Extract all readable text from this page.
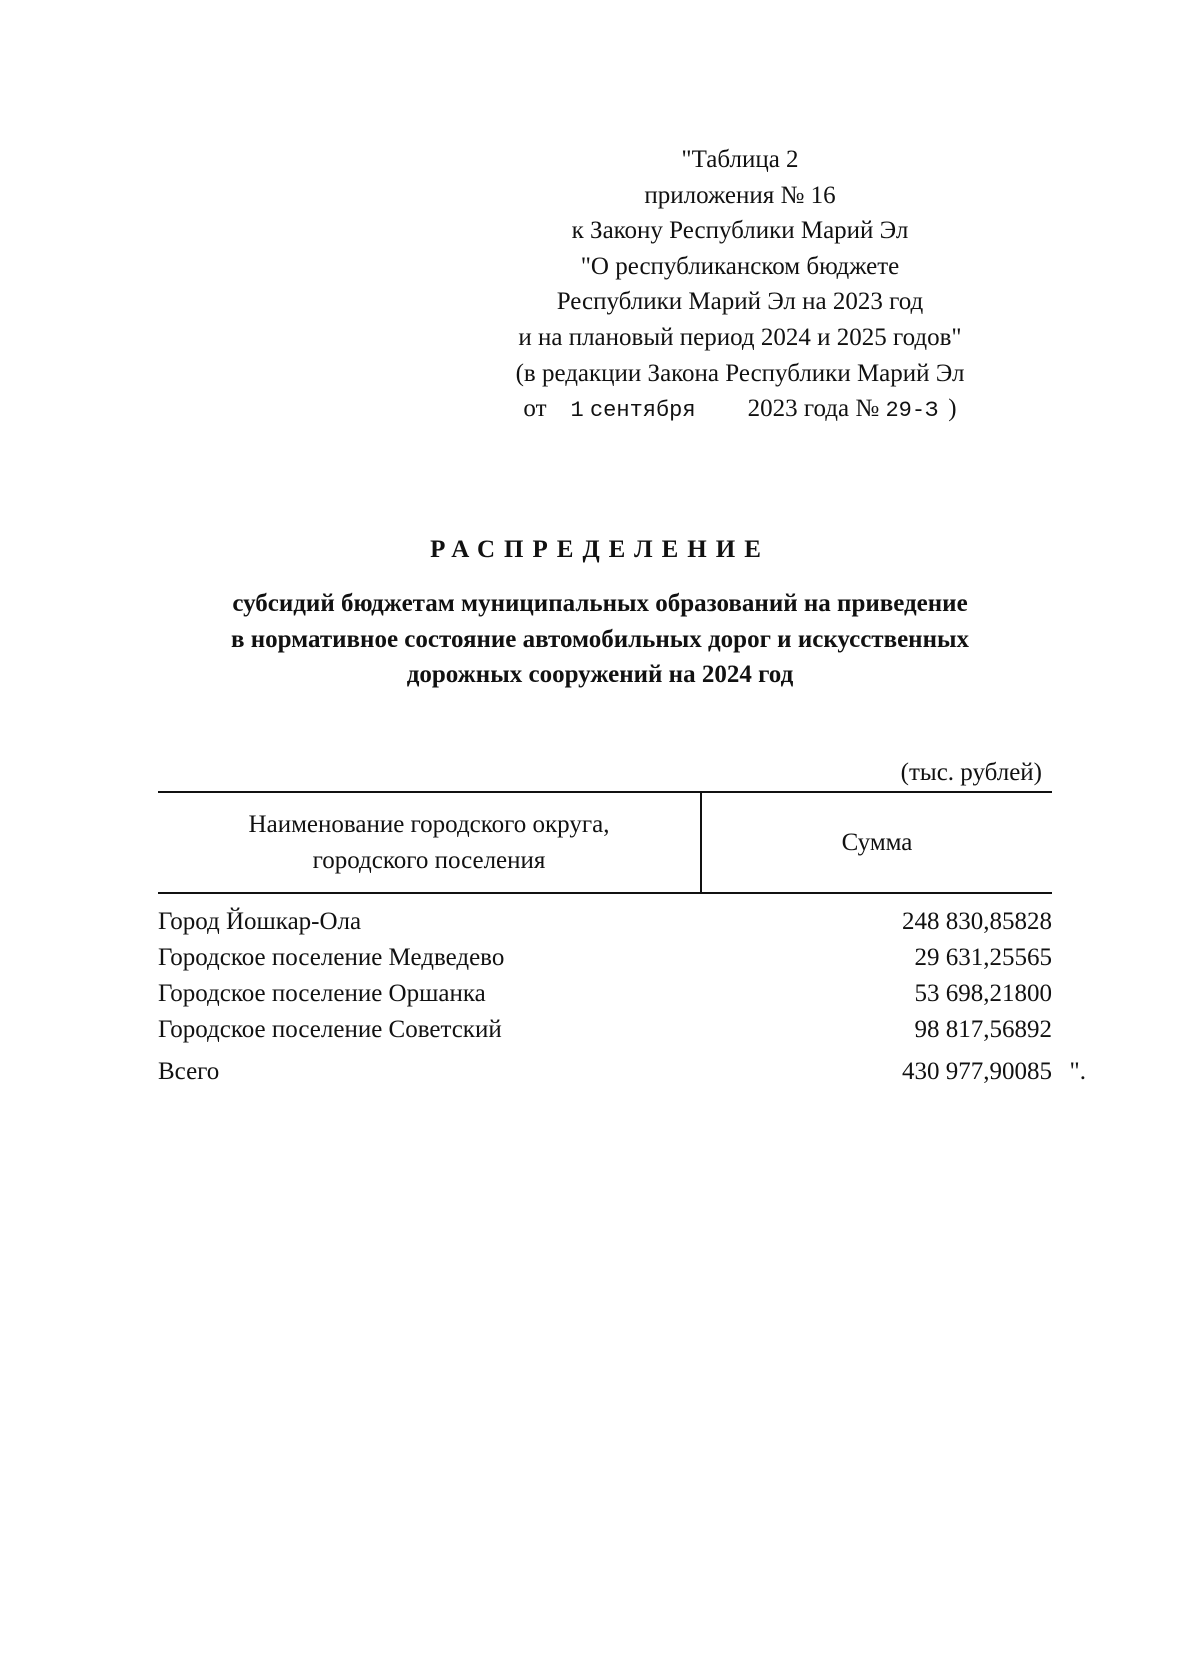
"Таблица 2
приложения № 16
к Закону Республики Марий Эл
"О республиканском бюджете
Республики Марий Эл на 2023 год
и на плановый период 2024 и 2025 годов"
(в редакции Закона Республики Марий Эл
от 1 сентября 2023 года № 29-З )
РАСПРЕДЕЛЕНИЕ
субсидий бюджетам муниципальных образований на приведение
в нормативное состояние автомобильных дорог и искусственных
дорожных сооружений на 2024 год
(тыс. рублей)
Наименование городского округа,
городского поселения
Сумма
Город Йошкар-Ола	248 830,85828
Городское поселение Медведево	29 631,25565
Городское поселение Оршанка	53 698,21800
Городское поселение Советский	98 817,56892
Всего	430 977,90085 ".
